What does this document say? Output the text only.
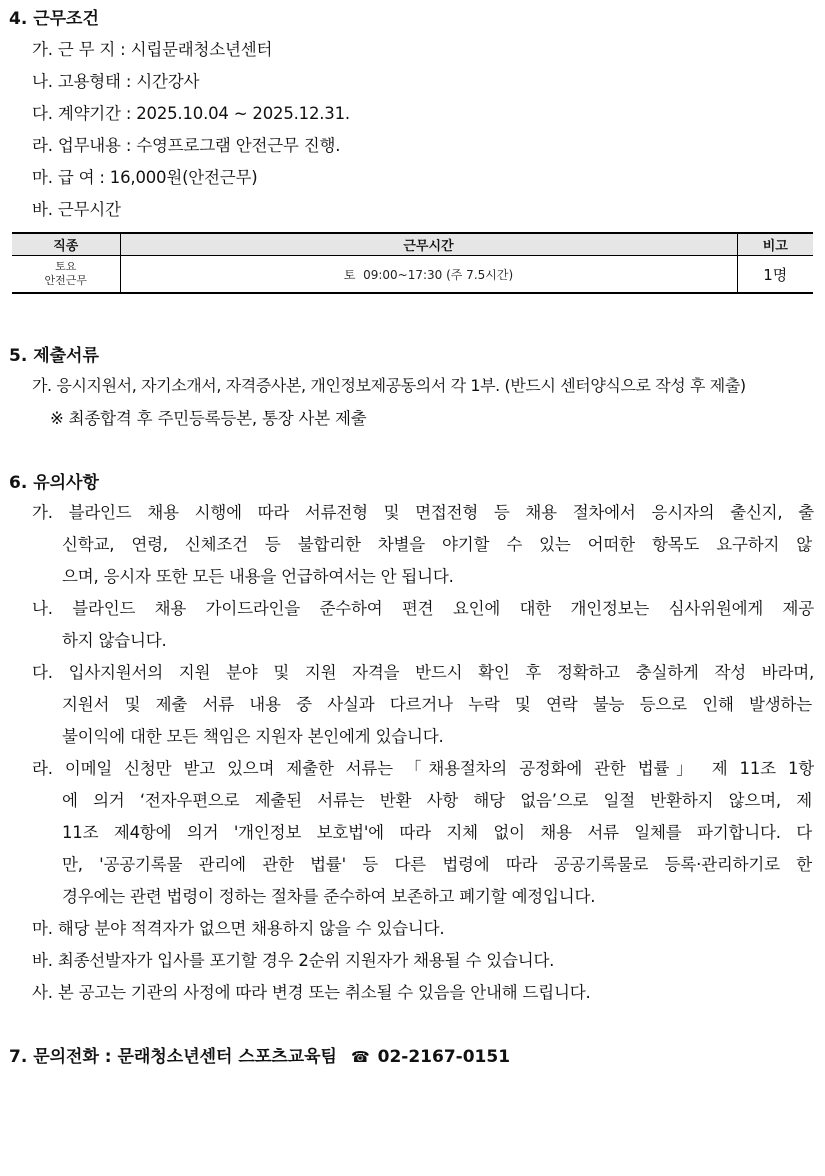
4. 근무조건
가. 근 무 지 : 시립문래청소년센터
나. 고용형태 : 시간강사
다. 계약기간 : 2025.10.04 ~ 2025.12.31.
라. 업무내용 : 수영프로그램 안전근무 진행.
마. 급 여 : 16,000원(안전근무)
바. 근무시간
직종	근무시간	비고

토요
안전근무	토  09:00~17:30 (주 7.5시간)	1명
5. 제출서류
가. 응시지원서, 자기소개서, 자격증사본, 개인정보제공동의서 각 1부. (반드시 센터양식으로 작성 후 제출)
※ 최종합격 후 주민등록등본, 통장 사본 제출
6. 유의사항
가. 블라인드 채용 시행에 따라 서류전형 및 면접전형 등 채용 절차에서 응시자의 출신지, 출
신학교, 연령, 신체조건 등 불합리한 차별을 야기할 수 있는 어떠한 항목도 요구하지 않
으며, 응시자 또한 모든 내용을 언급하여서는 안 됩니다.
나. 블라인드 채용 가이드라인을 준수하여 편견 요인에 대한 개인정보는 심사위원에게 제공
하지 않습니다.
다. 입사지원서의 지원 분야 및 지원 자격을 반드시 확인 후 정확하고 충실하게 작성 바라며,
지원서 및 제출 서류 내용 중 사실과 다르거나 누락 및 연락 불능 등으로 인해 발생하는
불이익에 대한 모든 책임은 지원자 본인에게 있습니다.
라. 이메일 신청만 받고 있으며 제출한 서류는 「채용절차의 공정화에 관한 법률」 제 11조 1항
에 의거 ‘전자우편으로 제출된 서류는 반환 사항 해당 없음’으로 일절 반환하지 않으며, 제
11조 제4항에 의거 '개인정보 보호법'에 따라 지체 없이 채용 서류 일체를 파기합니다. 다
만, '공공기록물 관리에 관한 법률' 등 다른 법령에 따라 공공기록물로 등록·관리하기로 한
경우에는 관련 법령이 정하는 절차를 준수하여 보존하고 폐기할 예정입니다.
마. 해당 분야 적격자가 없으면 채용하지 않을 수 있습니다.
바. 최종선발자가 입사를 포기할 경우 2순위 지원자가 채용될 수 있습니다.
사. 본 공고는 기관의 사정에 따라 변경 또는 취소될 수 있음을 안내해 드립니다.
7. 문의전화 : 문래청소년센터 스포츠교육팀 ☎ 02-2167-0151
